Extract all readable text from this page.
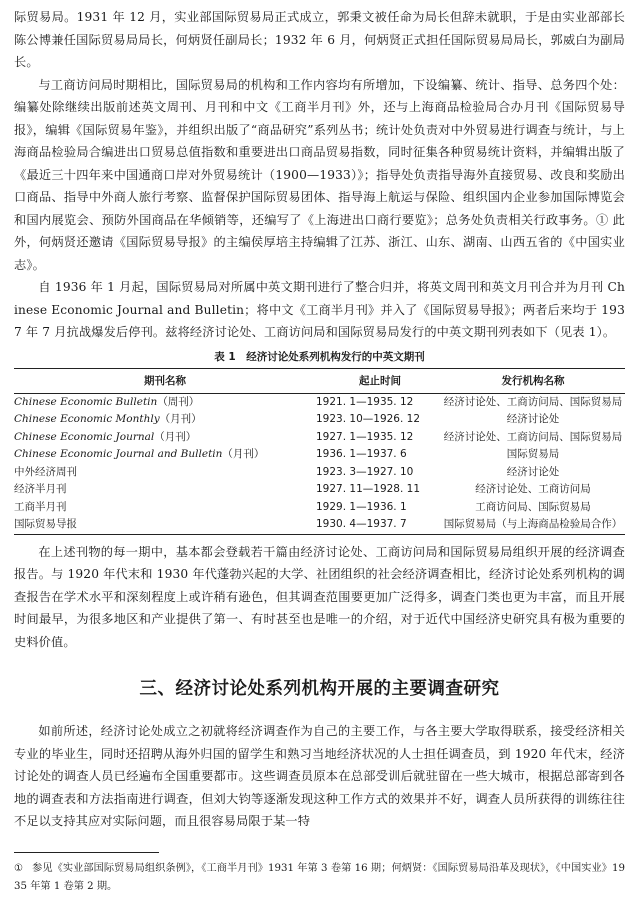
际贸易局。1931 年 12 月，实业部国际贸易局正式成立，郭秉文被任命为局长但辞未就职，于是由实业部部长陈公博兼任国际贸易局局长，何炳贤任副局长；1932 年 6 月，何炳贤正式担任国际贸易局局长，郭威白为副局长。

与工商访问局时期相比，国际贸易局的机构和工作内容均有所增加，下设编纂、统计、指导、总务四个处：编纂处除继续出版前述英文周刊、月刊和中文《工商半月刊》外，还与上海商品检验局合办月刊《国际贸易导报》，编辑《国际贸易年鉴》，并组织出版了“商品研究”系列丛书；统计处负责对中外贸易进行调查与统计，与上海商品检验局合编进出口贸易总值指数和重要进出口商品贸易指数，同时征集各种贸易统计资料，并编辑出版了《最近三十四年来中国通商口岸对外贸易统计（1900—1933）》；指导处负责指导海外直接贸易、改良和奖励出口商品、指导中外商人旅行考察、监督保护国际贸易团体、指导海上航运与保险、组织国内企业参加国际博览会和国内展览会、预防外国商品在华倾销等，还编写了《上海进出口商行要览》；总务处负责相关行政事务。① 此外，何炳贤还邀请《国际贸易导报》的主编侯厚培主持编辑了江苏、浙江、山东、湖南、山西五省的《中国实业志》。

自 1936 年 1 月起，国际贸易局对所属中英文期刊进行了整合归并，将英文周刊和英文月刊合并为月刊 Chinese Economic Journal and Bulletin；将中文《工商半月刊》并入了《国际贸易导报》；两者后来均于 1937 年 7 月抗战爆发后停刊。兹将经济讨论处、工商访问局和国际贸易局发行的中英文期刊列表如下（见表 1）。

表 1　经济讨论处系列机构发行的中英文期刊

期刊名称	起止时间	发行机构名称
Chinese Economic Bulletin（周刊）	1921. 1—1935. 12	经济讨论处、工商访问局、国际贸易局
Chinese Economic Monthly（月刊）	1923. 10—1926. 12	经济讨论处
Chinese Economic Journal（月刊）	1927. 1—1935. 12	经济讨论处、工商访问局、国际贸易局
Chinese Economic Journal and Bulletin（月刊）	1936. 1—1937. 6	国际贸易局
中外经济周刊	1923. 3—1927. 10	经济讨论处
经济半月刊	1927. 11—1928. 11	经济讨论处、工商访问局
工商半月刊	1929. 1—1936. 1	工商访问局、国际贸易局
国际贸易导报	1930. 4—1937. 7	国际贸易局（与上海商品检验局合作）

在上述刊物的每一期中，基本都会登载若干篇由经济讨论处、工商访问局和国际贸易局组织开展的经济调查报告。与 1920 年代末和 1930 年代蓬勃兴起的大学、社团组织的社会经济调查相比，经济讨论处系列机构的调查报告在学术水平和深刻程度上或许稍有逊色，但其调查范围要更加广泛得多，调查门类也更为丰富，而且开展时间最早，为很多地区和产业提供了第一、有时甚至也是唯一的介绍，对于近代中国经济史研究具有极为重要的史料价值。

三、经济讨论处系列机构开展的主要调查研究

如前所述，经济讨论处成立之初就将经济调查作为自己的主要工作，与各主要大学取得联系，接受经济相关专业的毕业生，同时还招聘从海外归国的留学生和熟习当地经济状况的人士担任调查员，到 1920 年代末，经济讨论处的调查人员已经遍布全国重要都市。这些调查员原本在总部受训后就驻留在一些大城市，根据总部寄到各地的调查表和方法指南进行调查，但刘大钧等逐渐发现这种工作方式的效果并不好，调查人员所获得的训练往往不足以支持其应对实际问题，而且很容易局限于某一特

① 参见《实业部国际贸易局组织条例》，《工商半月刊》1931 年第 3 卷第 16 期；何炳贤：《国际贸易局沿革及现状》，《中国实业》1935 年第 1 卷第 2 期。
